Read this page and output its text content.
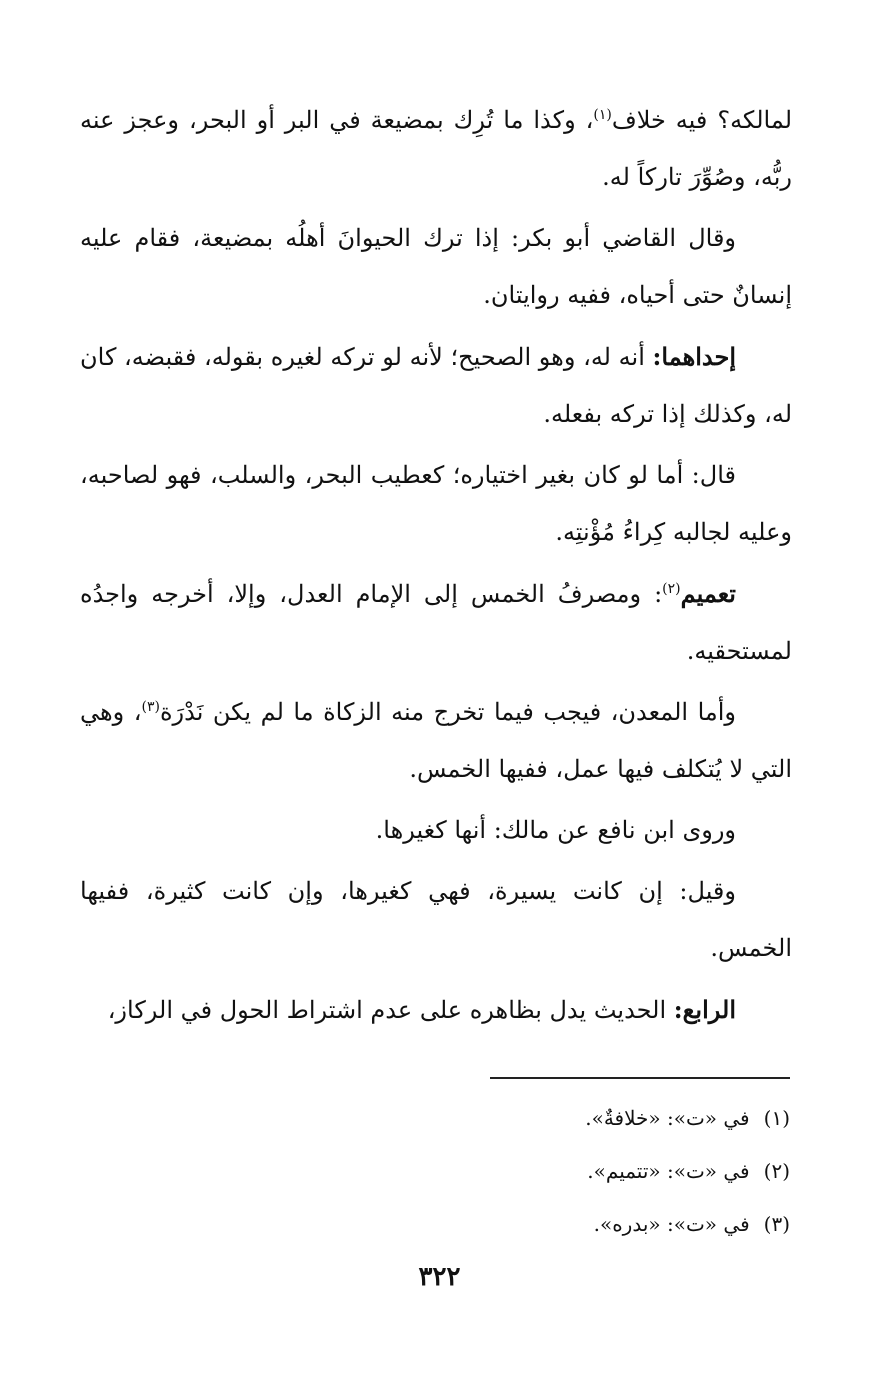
لمالكه؟ فيه خلاف$^{(١)}$، وكذا ما تُرِك بمضيعة في البر أو البحر، وعجز عنه ربُّه، وصُوِّرَ تاركاً له.

وقال القاضي أبو بكر: إذا ترك الحيوانَ أهلُه بمضيعة، فقام عليه إنسانٌ حتى أحياه، ففيه روايتان.

إحداهما: أنه له، وهو الصحيح؛ لأنه لو تركه لغيره بقوله، فقبضه، كان له، وكذلك إذا تركه بفعله.

قال: أما لو كان بغير اختياره؛ كعطيب البحر، والسلب، فهو لصاحبه، وعليه لجالبه كِراءُ مُؤْنتِه.

تعميم$^{(٢)}$: ومصرفُ الخمس إلى الإمام العدل، وإلا، أخرجه واجدُه لمستحقيه.

وأما المعدن، فيجب فيما تخرج منه الزكاة ما لم يكن نَدْرَة$^{(٣)}$، وهي التي لا يُتكلف فيها عمل، ففيها الخمس.

وروى ابن نافع عن مالك: أنها كغيرها.

وقيل: إن كانت يسيرة، فهي كغيرها، وإن كانت كثيرة، ففيها الخمس.

الرابع: الحديث يدل بظاهره على عدم اشتراط الحول في الركاز،

(١)في «ت»: «خلافةٌ».

(٢)في «ت»: «تتميم».

(٣)في «ت»: «بدره».

٣٢٢
